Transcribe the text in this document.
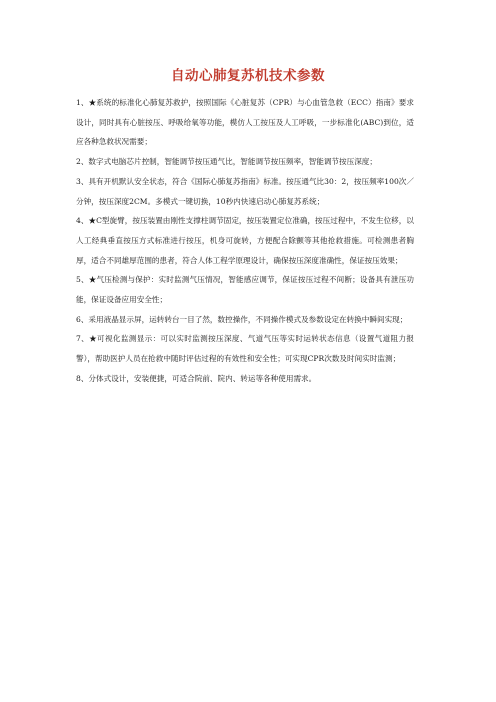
自动心肺复苏机技术参数

1、★系统的标准化心肺复苏救护，按照国际《心脏复苏（CPR）与心血管急救（ECC）指南》要求设计，同时具有心脏按压、呼吸给氧等功能，模仿人工按压及人工呼吸，一步标准化(ABC)到位，适应各种急救状况需要；

2、数字式电脑芯片控制，智能调节按压通气比，智能调节按压频率，智能调节按压深度；

3、具有开机默认安全状态，符合《国际心肺复苏指南》标准。按压通气比30：2，按压频率100次／分钟，按压深度2CM。多模式一键切换，10秒内快速启动心肺复苏系统；

4、★C型旋臂，按压装置由刚性支撑柱调节固定，按压装置定位准确，按压过程中，不发生位移，以人工经典垂直按压方式标准进行按压，机身可旋转，方便配合除颤等其他抢救措施。可检测患者胸厚，适合不同雄厚范围的患者，符合人体工程学原理设计，确保按压深度准确性，保证按压效果；

5、★气压检测与保护：实时监测气压情况，智能感应调节，保证按压过程不间断；设备具有泄压功能，保证设备应用安全性；

6、采用液晶显示屏，运转转台一目了然，数控操作，不同操作模式及参数设定在转换中瞬间实现；

7、★可视化监测显示：可以实时监测按压深度、气道气压等实时运转状态信息（设置气道阻力报警），帮助医护人员在抢救中随时评估过程的有效性和安全性；可实现CPR次数及时间实时监测；

8、分体式设计，安装便捷，可适合院前、院内、转运等各种使用需求。
